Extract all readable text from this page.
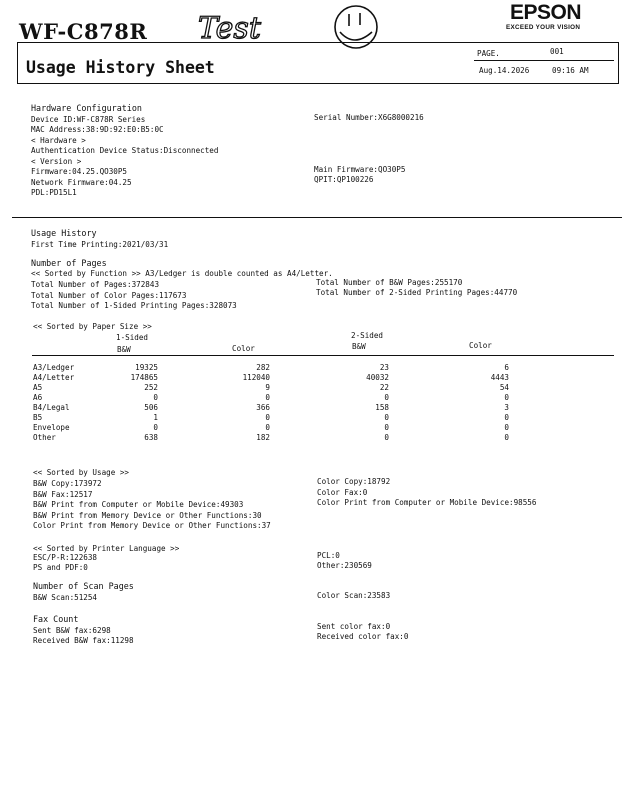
WF-C878R Test	EPSON
EXCEED YOUR VISION
Usage History Sheet
PAGE.	001
Aug.14.2026	09:16 AM
Hardware Configuration
Device ID:WF-C878R Series
MAC Address:38:9D:92:E0:B5:0C
< Hardware >
Authentication Device Status:Disconnected
< Version >
Firmware:04.25.QO30P5
Network Firmware:04.25
PDL:PD15L1
Serial Number:X6G8000216
Main Firmware:QO30P5
QPIT:QP100226
Usage History
First Time Printing:2021/03/31
Number of Pages
<< Sorted by Function >> A3/Ledger is double counted as A4/Letter.
Total Number of Pages:372843	Total Number of B&W Pages:255170
Total Number of Color Pages:117673	Total Number of 2-Sided Printing Pages:44770
Total Number of 1-Sided Printing Pages:328073
<< Sorted by Paper Size >>
1-Sided	2-Sided
B&W	Color	B&W	Color
A3/Ledger	19325	282	23	6
A4/Letter	174865	112040	40032	4443
A5	252	9	22	54
A6	0	0	0	0
B4/Legal	506	366	158	3
B5	1	0	0	0
Envelope	0	0	0	0
Other	638	182	0	0
<< Sorted by Usage >>
B&W Copy:173972
B&W Fax:12517
B&W Print from Computer or Mobile Device:49303
B&W Print from Memory Device or Other Functions:30
Color Print from Memory Device or Other Functions:37
Color Copy:18792
Color Fax:0
Color Print from Computer or Mobile Device:98556
<< Sorted by Printer Language >>
ESC/P-R:122638
PS and PDF:0
PCL:0
Other:230569
Number of Scan Pages
B&W Scan:51254	Color Scan:23583
Fax Count
Sent B&W fax:6298
Received B&W fax:11298
Sent color fax:0
Received color fax:0
